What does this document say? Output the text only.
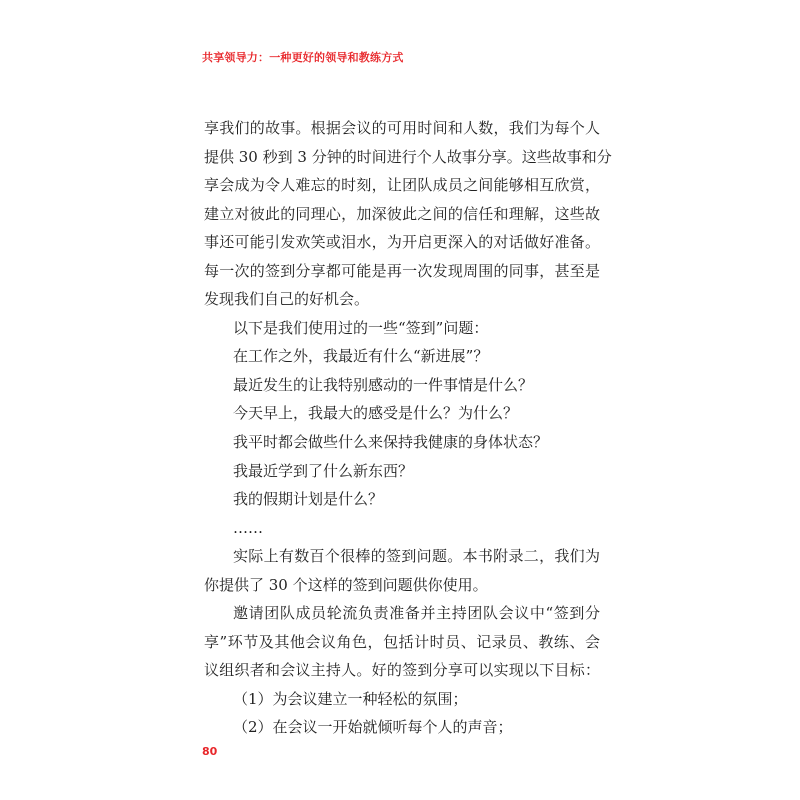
共享领导力：一种更好的领导和教练方式
享我们的故事。根据会议的可用时间和人数，我们为每个人
提供 30 秒到 3 分钟的时间进行个人故事分享。这些故事和分
享会成为令人难忘的时刻，让团队成员之间能够相互欣赏，
建立对彼此的同理心，加深彼此之间的信任和理解，这些故
事还可能引发欢笑或泪水，为开启更深入的对话做好准备。
每一次的签到分享都可能是再一次发现周围的同事，甚至是
发现我们自己的好机会。
以下是我们使用过的一些“签到”问题：
在工作之外，我最近有什么“新进展”？
最近发生的让我特别感动的一件事情是什么？
今天早上，我最大的感受是什么？为什么？
我平时都会做些什么来保持我健康的身体状态？
我最近学到了什么新东西？
我的假期计划是什么？
……
实际上有数百个很棒的签到问题。本书附录二，我们为
你提供了 30 个这样的签到问题供你使用。
邀请团队成员轮流负责准备并主持团队会议中“签到分
享”环节及其他会议角色，包括计时员、记录员、教练、会
议组织者和会议主持人。好的签到分享可以实现以下目标：
（1）为会议建立一种轻松的氛围；
（2）在会议一开始就倾听每个人的声音；
80
